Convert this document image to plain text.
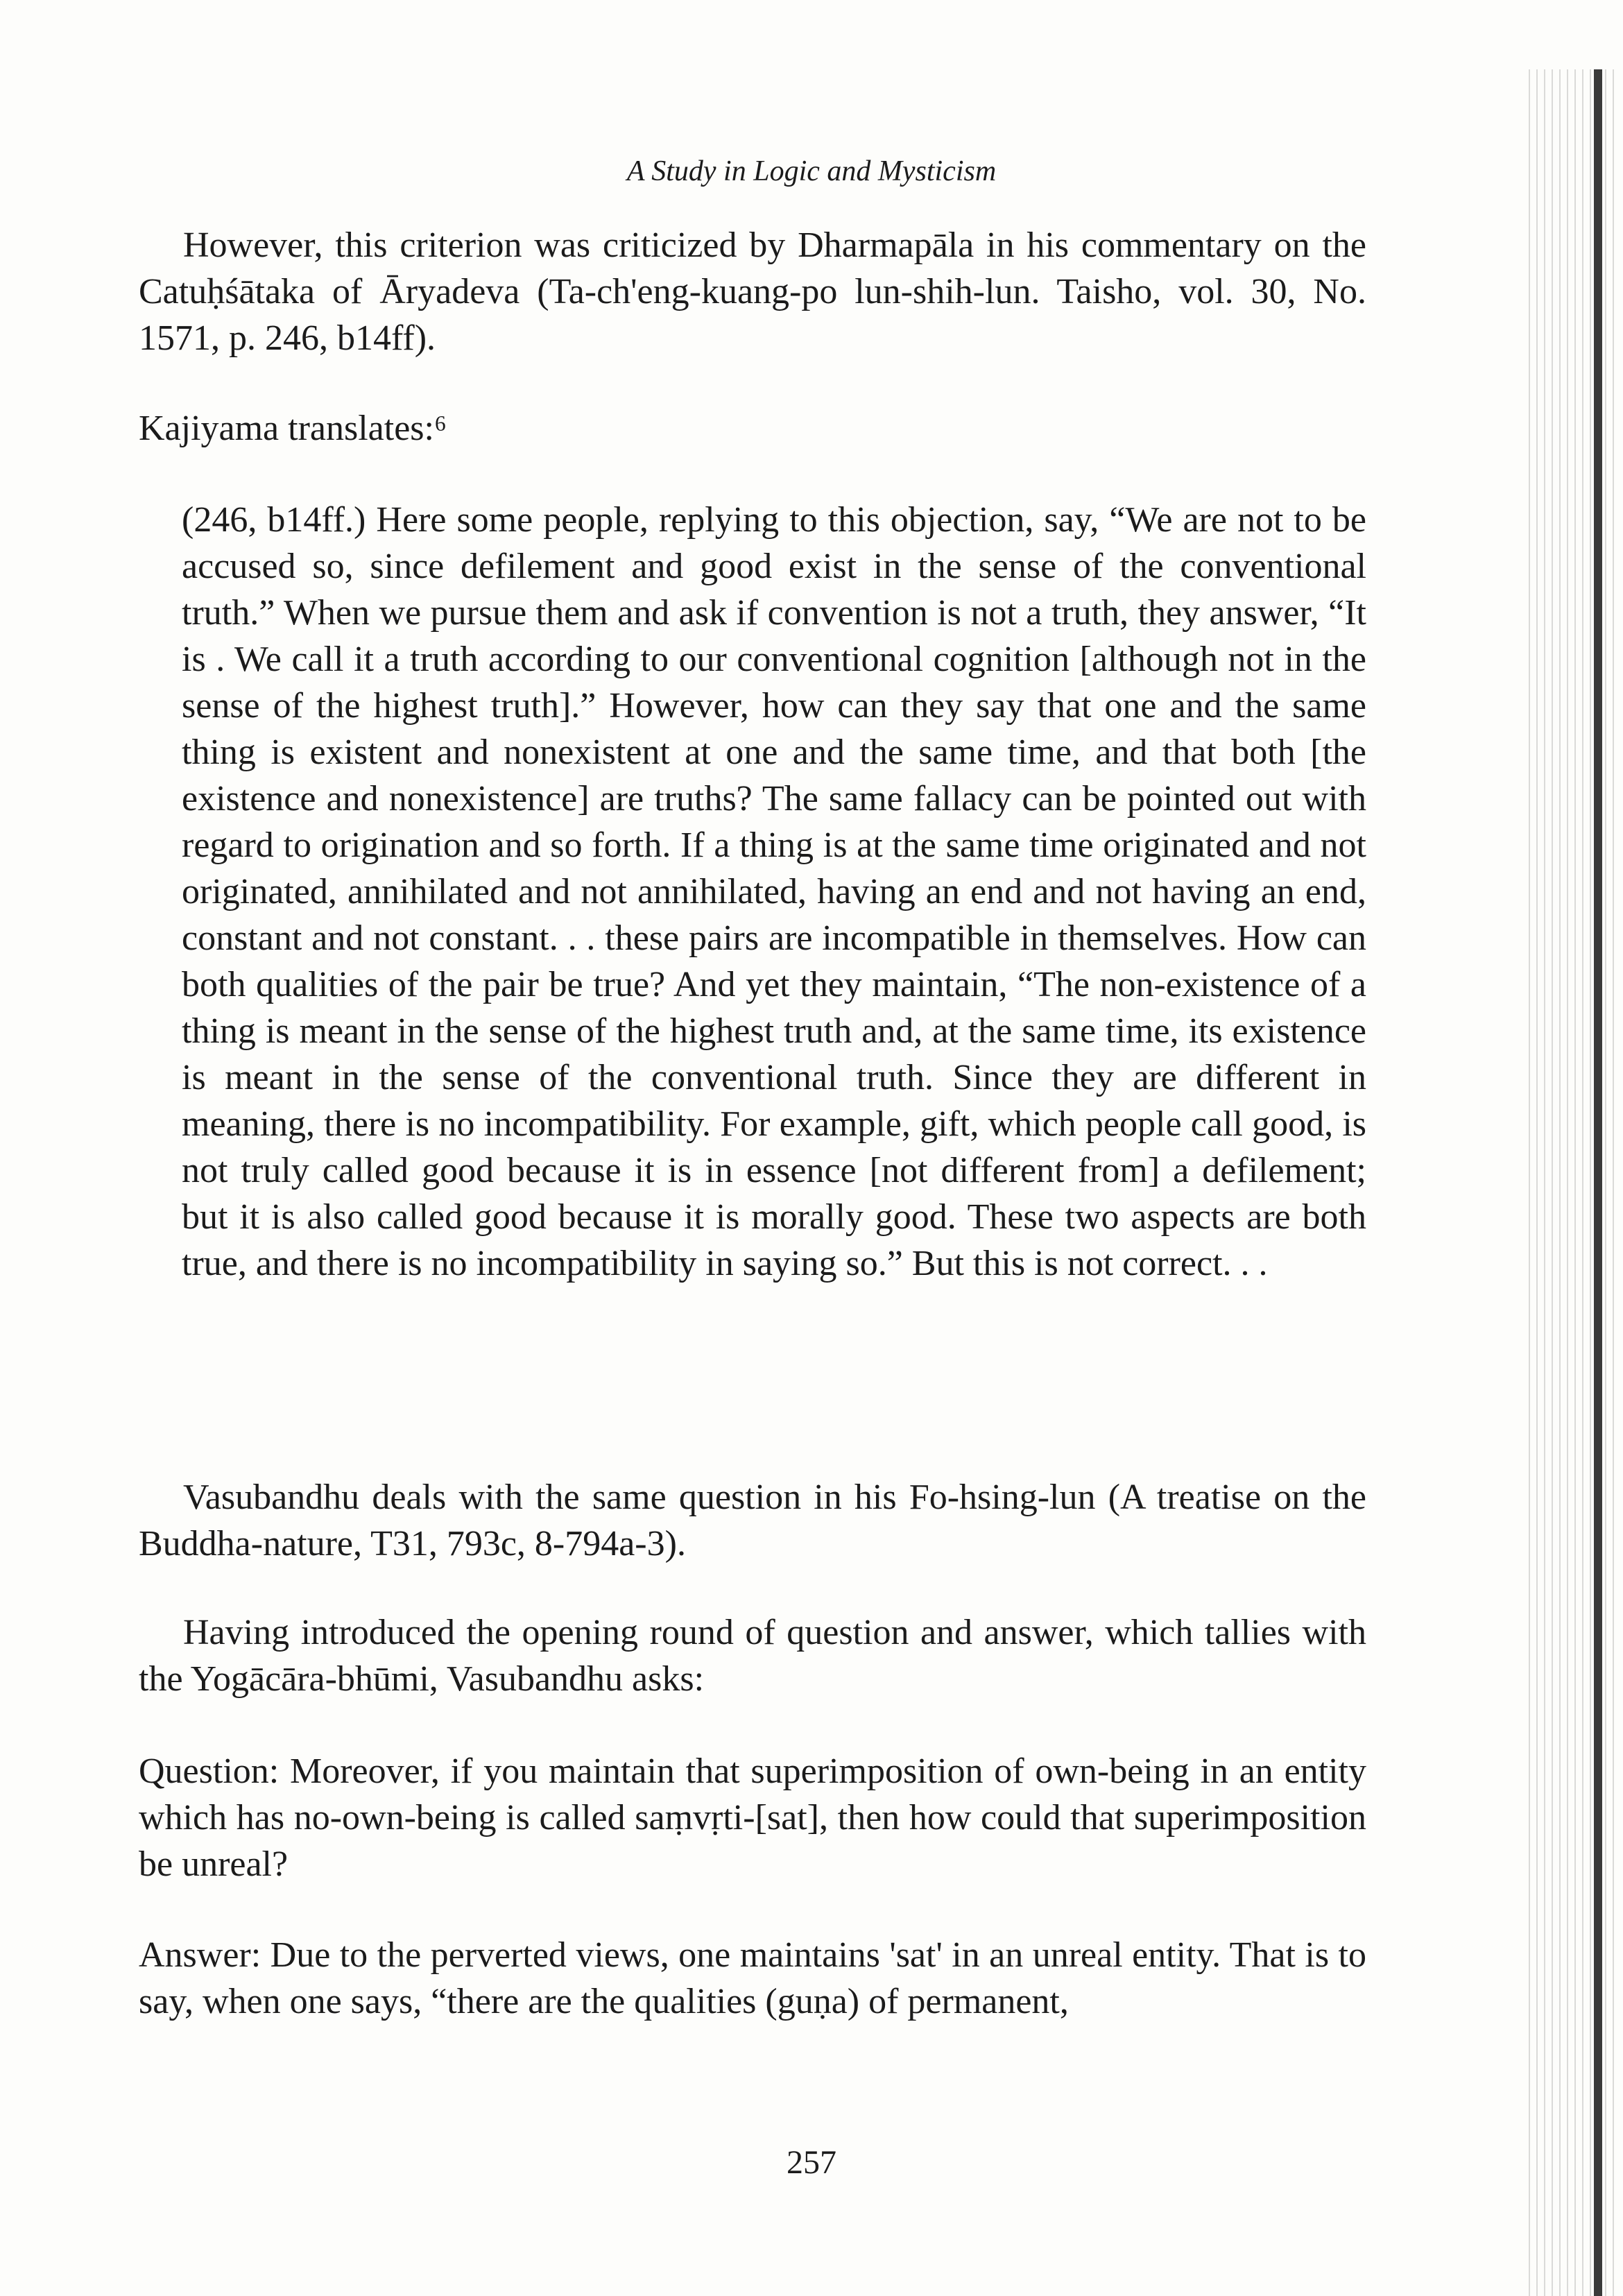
A Study in Logic and Mysticism

However, this criterion was criticized by Dharmapāla in his commentary on the Catuḥśātaka of Āryadeva (Ta-ch'eng-kuang-po lun-shih-lun. Taisho, vol. 30, No. 1571, p. 246, b14ff).

Kajiyama translates:⁶

(246, b14ff.) Here some people, replying to this objection, say, “We are not to be accused so, since defilement and good exist in the sense of the conventional truth.” When we pursue them and ask if convention is not a truth, they answer, “It is . We call it a truth according to our conventional cognition [although not in the sense of the highest truth].” However, how can they say that one and the same thing is existent and nonexistent at one and the same time, and that both [the existence and nonexistence] are truths? The same fallacy can be pointed out with regard to origination and so forth. If a thing is at the same time originated and not originated, annihilated and not annihilated, having an end and not having an end, constant and not constant. . . these pairs are incompatible in themselves. How can both qualities of the pair be true? And yet they maintain, “The non-existence of a thing is meant in the sense of the highest truth and, at the same time, its existence is meant in the sense of the conventional truth. Since they are different in meaning, there is no incompatibility. For example, gift, which people call good, is not truly called good because it is in essence [not different from] a defilement; but it is also called good because it is morally good. These two aspects are both true, and there is no incompatibility in saying so.” But this is not correct. . .

Vasubandhu deals with the same question in his Fo-hsing-lun (A treatise on the Buddha-nature, T31, 793c, 8-794a-3).

Having introduced the opening round of question and answer, which tallies with the Yogācāra-bhūmi, Vasubandhu asks:

Question: Moreover, if you maintain that superimposition of own-being in an entity which has no-own-being is called saṃvṛti-[sat], then how could that superimposition be unreal?

Answer: Due to the perverted views, one maintains 'sat' in an unreal entity. That is to say, when one says, “there are the qualities (guṇa) of permanent,

257
